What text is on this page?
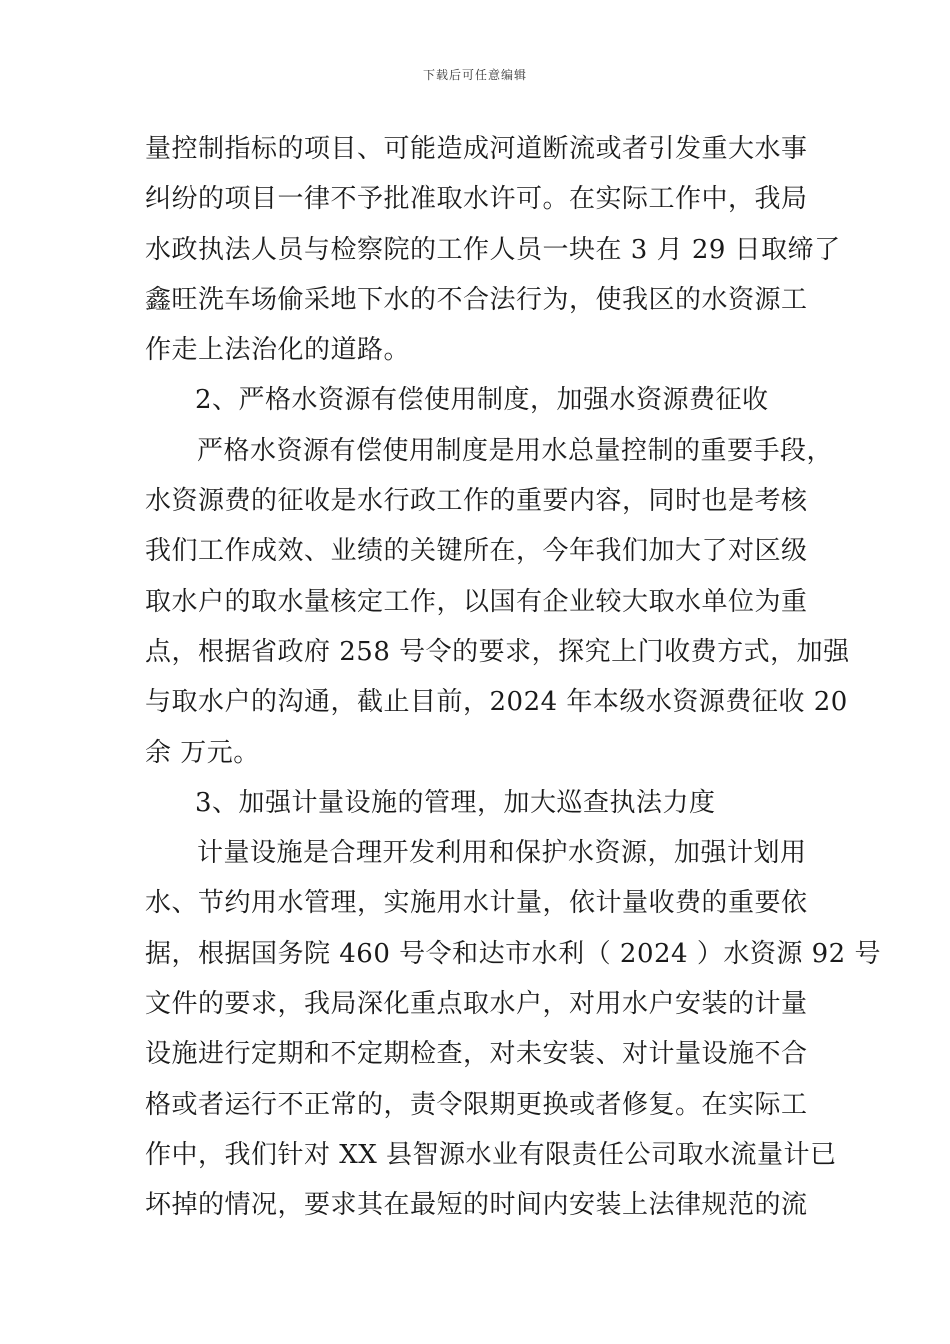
下载后可任意编辑
量控制指标的项目、可能造成河道断流或者引发重大水事
纠纷的项目一律不予批准取水许可。在实际工作中，我局
水政执法人员与检察院的工作人员一块在 3 月 29 日取缔了
鑫旺洗车场偷采地下水的不合法行为，使我区的水资源工
作走上法治化的道路。
2、严格水资源有偿使用制度，加强水资源费征收
严格水资源有偿使用制度是用水总量控制的重要手段，
水资源费的征收是水行政工作的重要内容，同时也是考核
我们工作成效、业绩的关键所在，今年我们加大了对区级
取水户的取水量核定工作，以国有企业较大取水单位为重
点，根据省政府 258 号令的要求，探究上门收费方式，加强
与取水户的沟通，截止目前，2024 年本级水资源费征收 20
余 万元。
3、加强计量设施的管理，加大巡查执法力度
计量设施是合理开发利用和保护水资源，加强计划用
水、节约用水管理，实施用水计量，依计量收费的重要依
据，根据国务院 460 号令和达市水利（ 2024 ）水资源 92 号
文件的要求，我局深化重点取水户，对用水户安装的计量
设施进行定期和不定期检查，对未安装、对计量设施不合
格或者运行不正常的，责令限期更换或者修复。在实际工
作中，我们针对 XX 县智源水业有限责任公司取水流量计已
坏掉的情况，要求其在最短的时间内安装上法律规范的流
